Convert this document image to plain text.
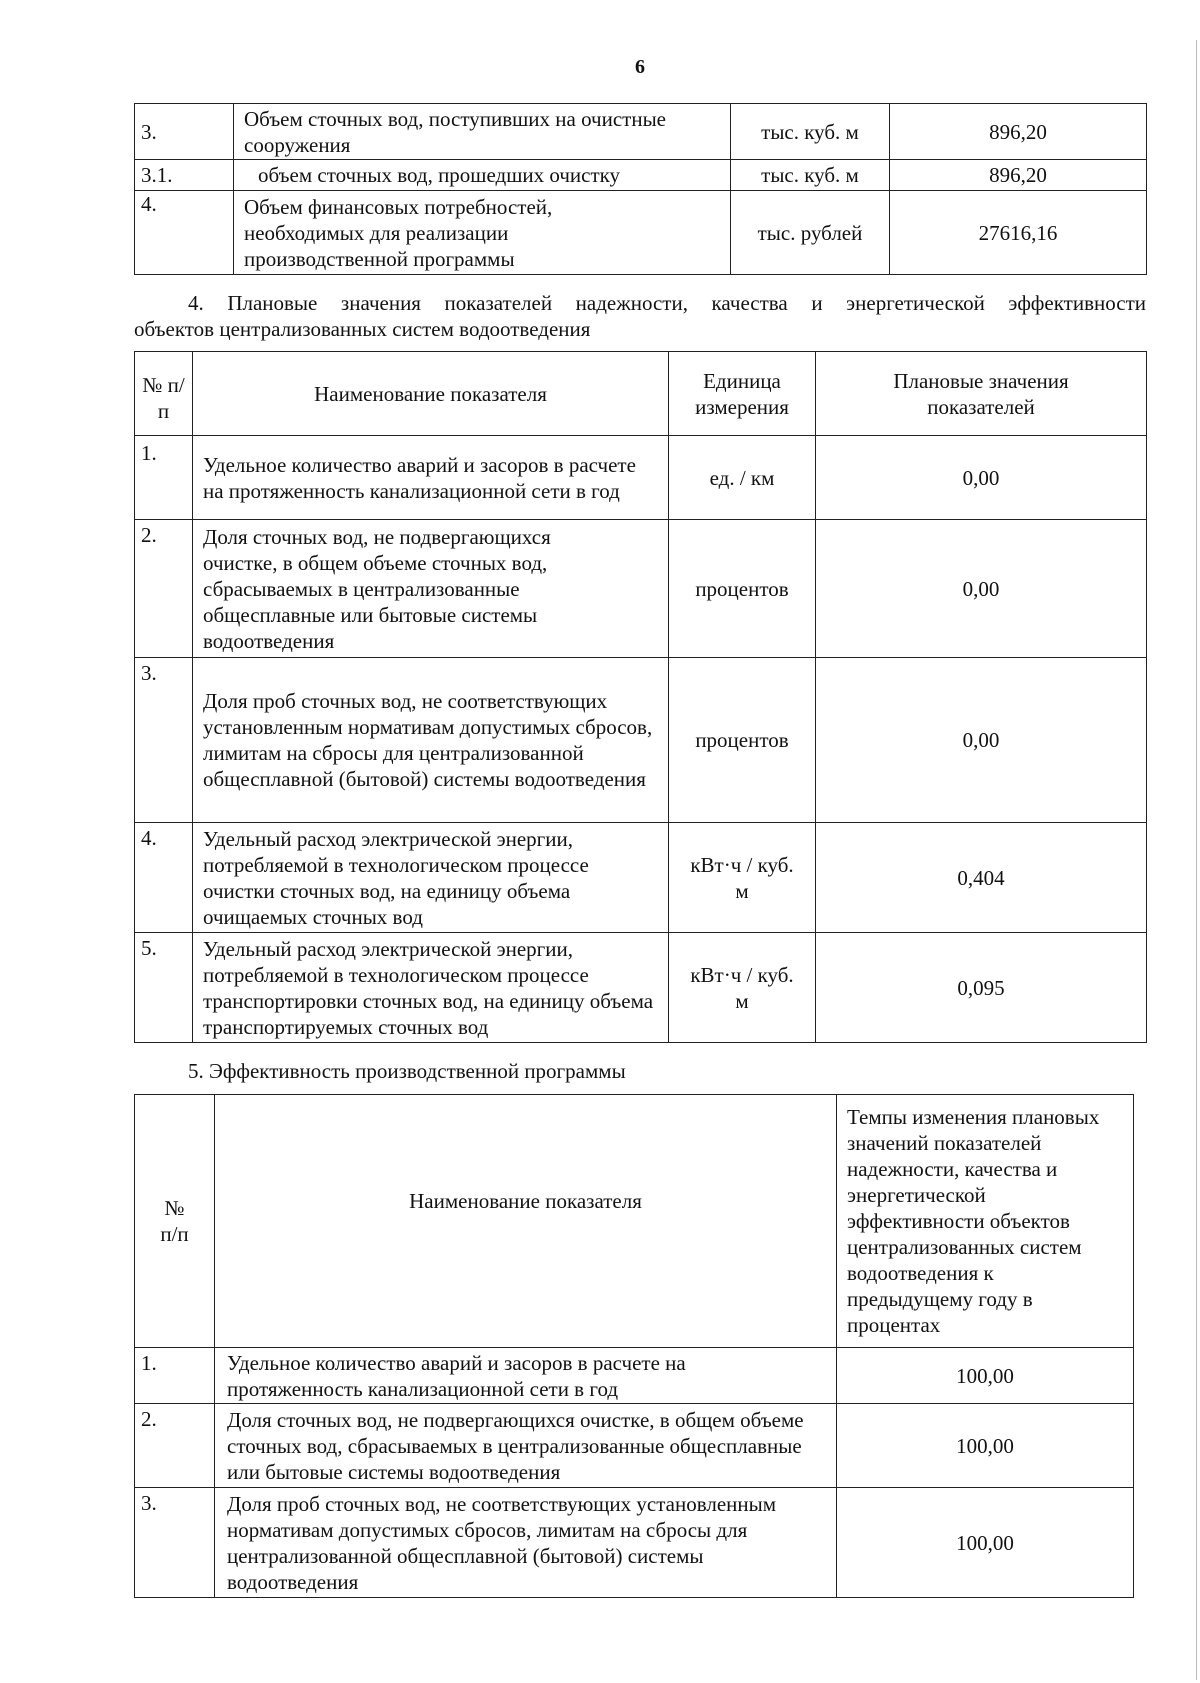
6
3.	Объем сточных вод, поступивших на очистные сооружения	тыс. куб. м	896,20
3.1.	объем сточных вод, прошедших очистку	тыс. куб. м	896,20
4.	Объем финансовых потребностей, необходимых для реализации производственной программы	тыс. рублей	27616,16
4. Плановые значения показателей надежности, качества и энергетической эффективности
объектов централизованных систем водоотведения
№ п/п	Наименование показателя	Единица измерения	Плановые значения показателей
1.	Удельное количество аварий и засоров в расчете на протяженность канализационной сети в год	ед. / км	0,00
2.	Доля сточных вод, не подвергающихся очистке, в общем объеме сточных вод, сбрасываемых в централизованные общесплавные или бытовые системы водоотведения	процентов	0,00
3.	Доля проб сточных вод, не соответствующих установленным нормативам допустимых сбросов, лимитам на сбросы для централизованной общесплавной (бытовой) системы водоотведения	процентов	0,00
4.	Удельный расход электрической энергии, потребляемой в технологическом процессе очистки сточных вод, на единицу объема очищаемых сточных вод	кВт·ч / куб. м	0,404
5.	Удельный расход электрической энергии, потребляемой в технологическом процессе транспортировки сточных вод, на единицу объема транспортируемых сточных вод	кВт·ч / куб. м	0,095
5. Эффективность производственной программы
№ п/п	Наименование показателя	Темпы изменения плановых значений показателей надежности, качества и энергетической эффективности объектов централизованных систем водоотведения к предыдущему году в процентах
1.	Удельное количество аварий и засоров в расчете на протяженность канализационной сети в год	100,00
2.	Доля сточных вод, не подвергающихся очистке, в общем объеме сточных вод, сбрасываемых в централизованные общесплавные или бытовые системы водоотведения	100,00
3.	Доля проб сточных вод, не соответствующих установленным нормативам допустимых сбросов, лимитам на сбросы для централизованной общесплавной (бытовой) системы водоотведения	100,00
